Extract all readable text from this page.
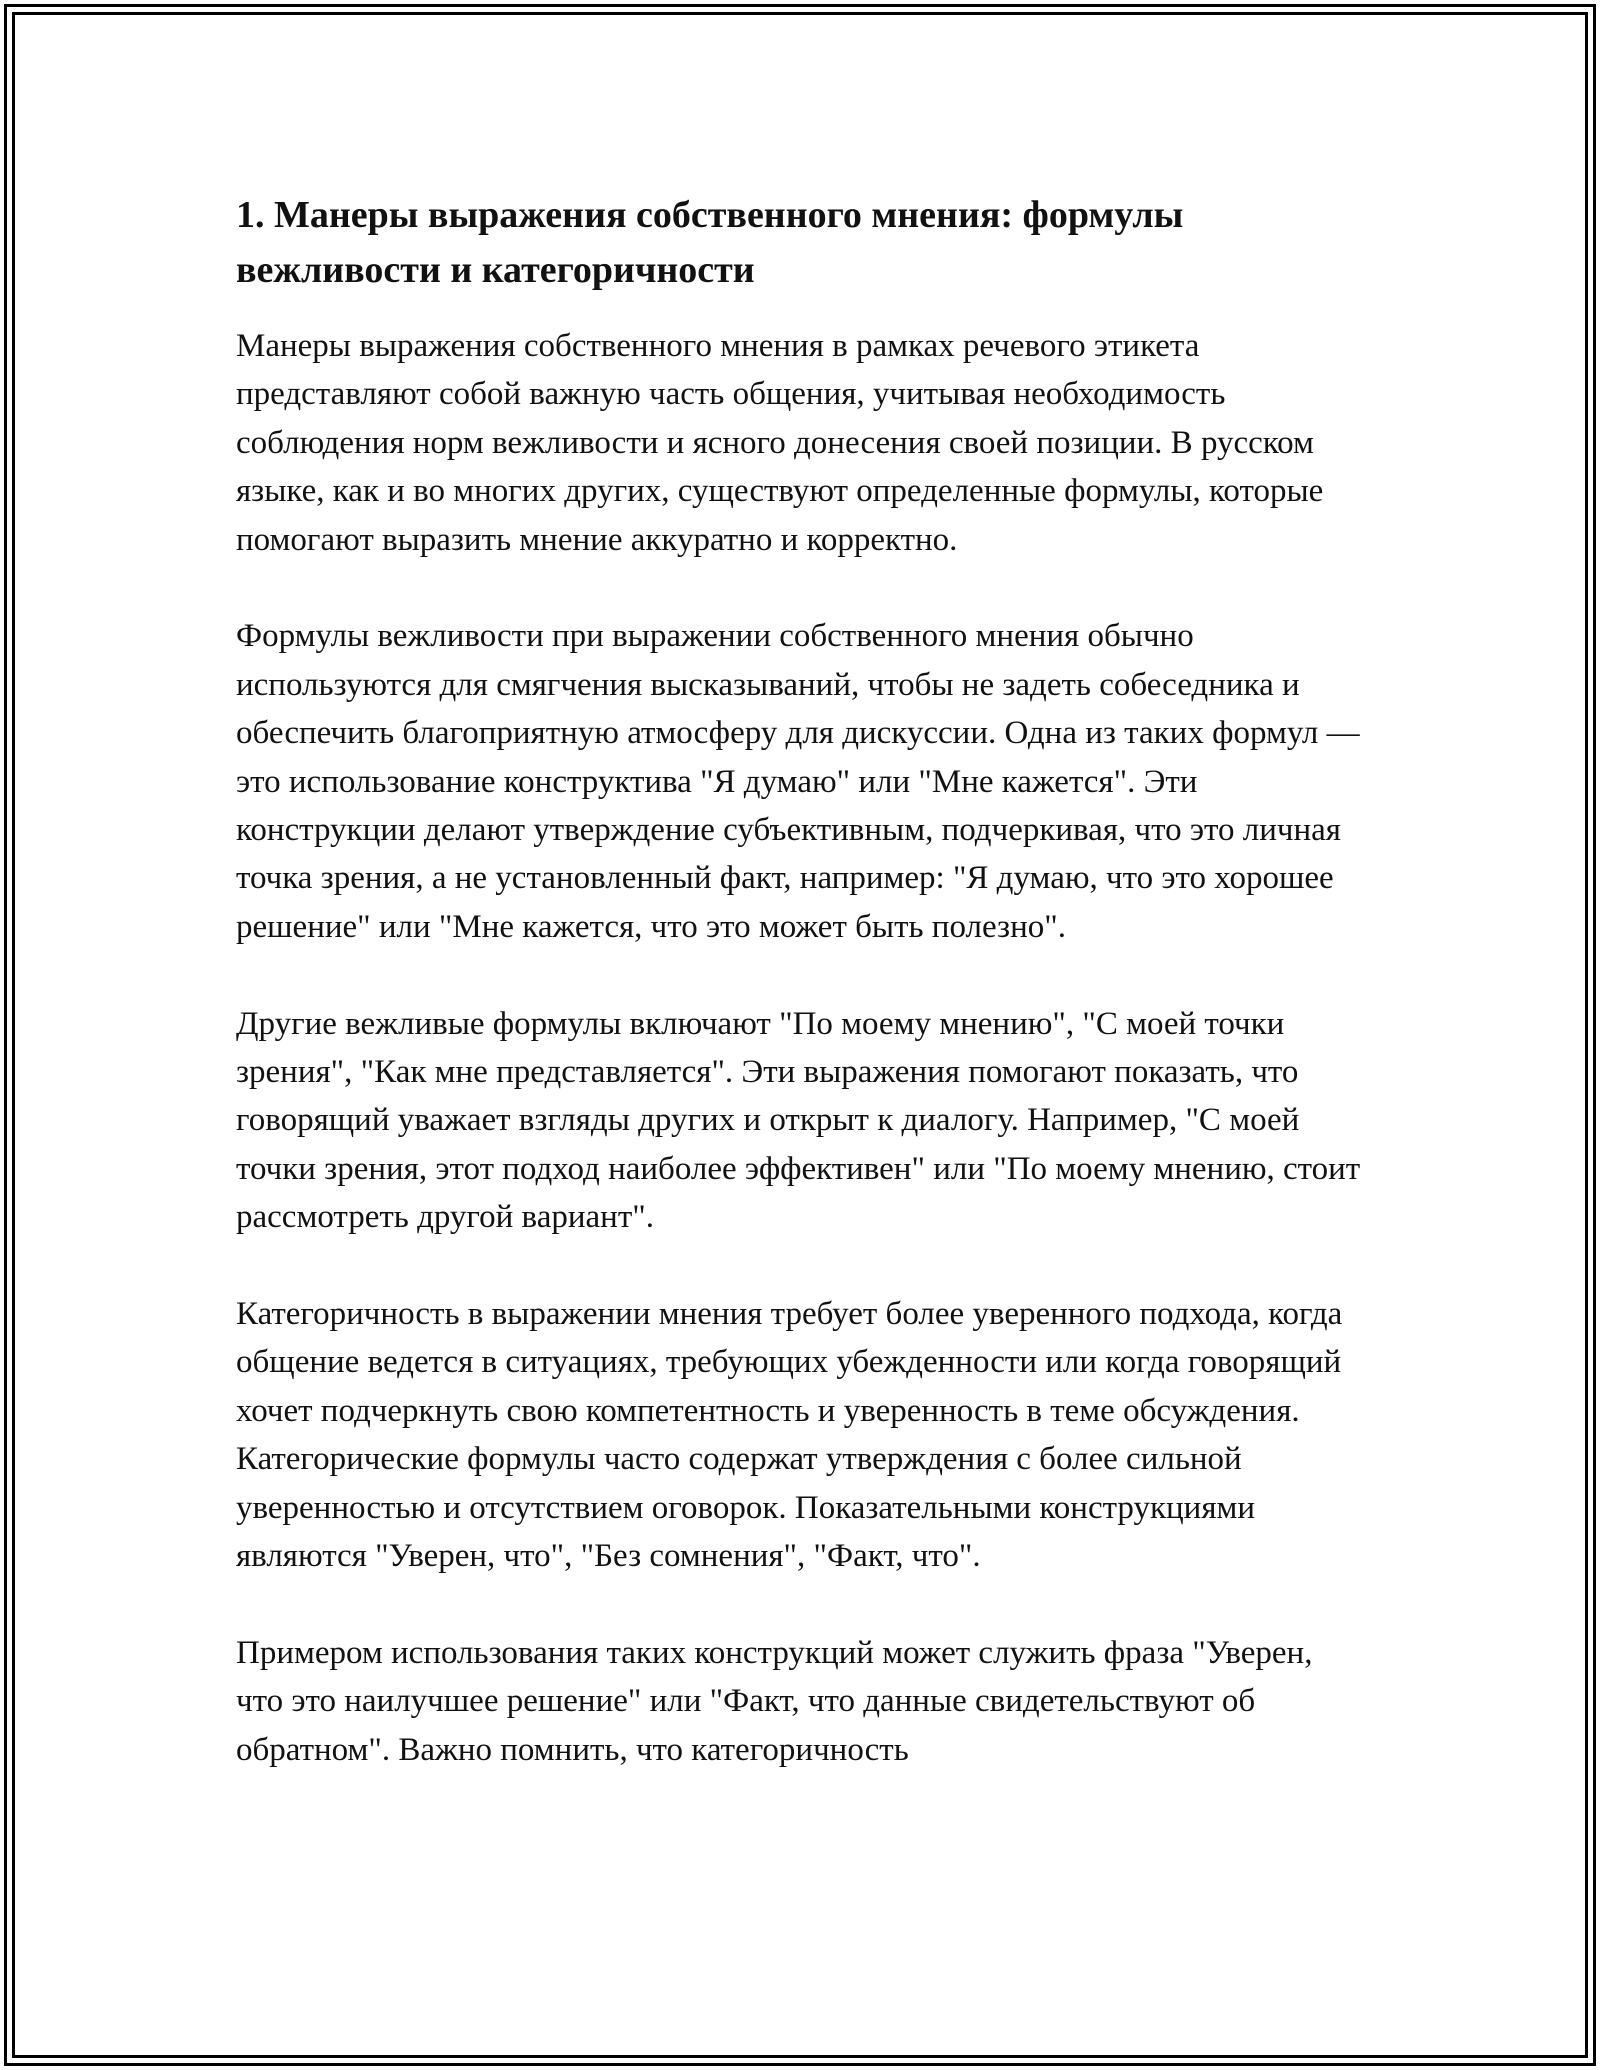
1. Манеры выражения собственного мнения: формулы вежливости и категоричности

Манеры выражения собственного мнения в рамках речевого этикета представляют собой важную часть общения, учитывая необходимость соблюдения норм вежливости и ясного донесения своей позиции. В русском языке, как и во многих других, существуют определенные формулы, которые помогают выразить мнение аккуратно и корректно.

Формулы вежливости при выражении собственного мнения обычно используются для смягчения высказываний, чтобы не задеть собеседника и обеспечить благоприятную атмосферу для дискуссии. Одна из таких формул — это использование конструктива "Я думаю" или "Мне кажется". Эти конструкции делают утверждение субъективным, подчеркивая, что это личная точка зрения, а не установленный факт, например: "Я думаю, что это хорошее решение" или "Мне кажется, что это может быть полезно".

Другие вежливые формулы включают "По моему мнению", "С моей точки зрения", "Как мне представляется". Эти выражения помогают показать, что говорящий уважает взгляды других и открыт к диалогу. Например, "С моей точки зрения, этот подход наиболее эффективен" или "По моему мнению, стоит рассмотреть другой вариант".

Категоричность в выражении мнения требует более уверенного подхода, когда общение ведется в ситуациях, требующих убежденности или когда говорящий хочет подчеркнуть свою компетентность и уверенность в теме обсуждения. Категорические формулы часто содержат утверждения с более сильной уверенностью и отсутствием оговорок. Показательными конструкциями являются "Уверен, что", "Без сомнения", "Факт, что".

Примером использования таких конструкций может служить фраза "Уверен, что это наилучшее решение" или "Факт, что данные свидетельствуют об обратном". Важно помнить, что категоричность
